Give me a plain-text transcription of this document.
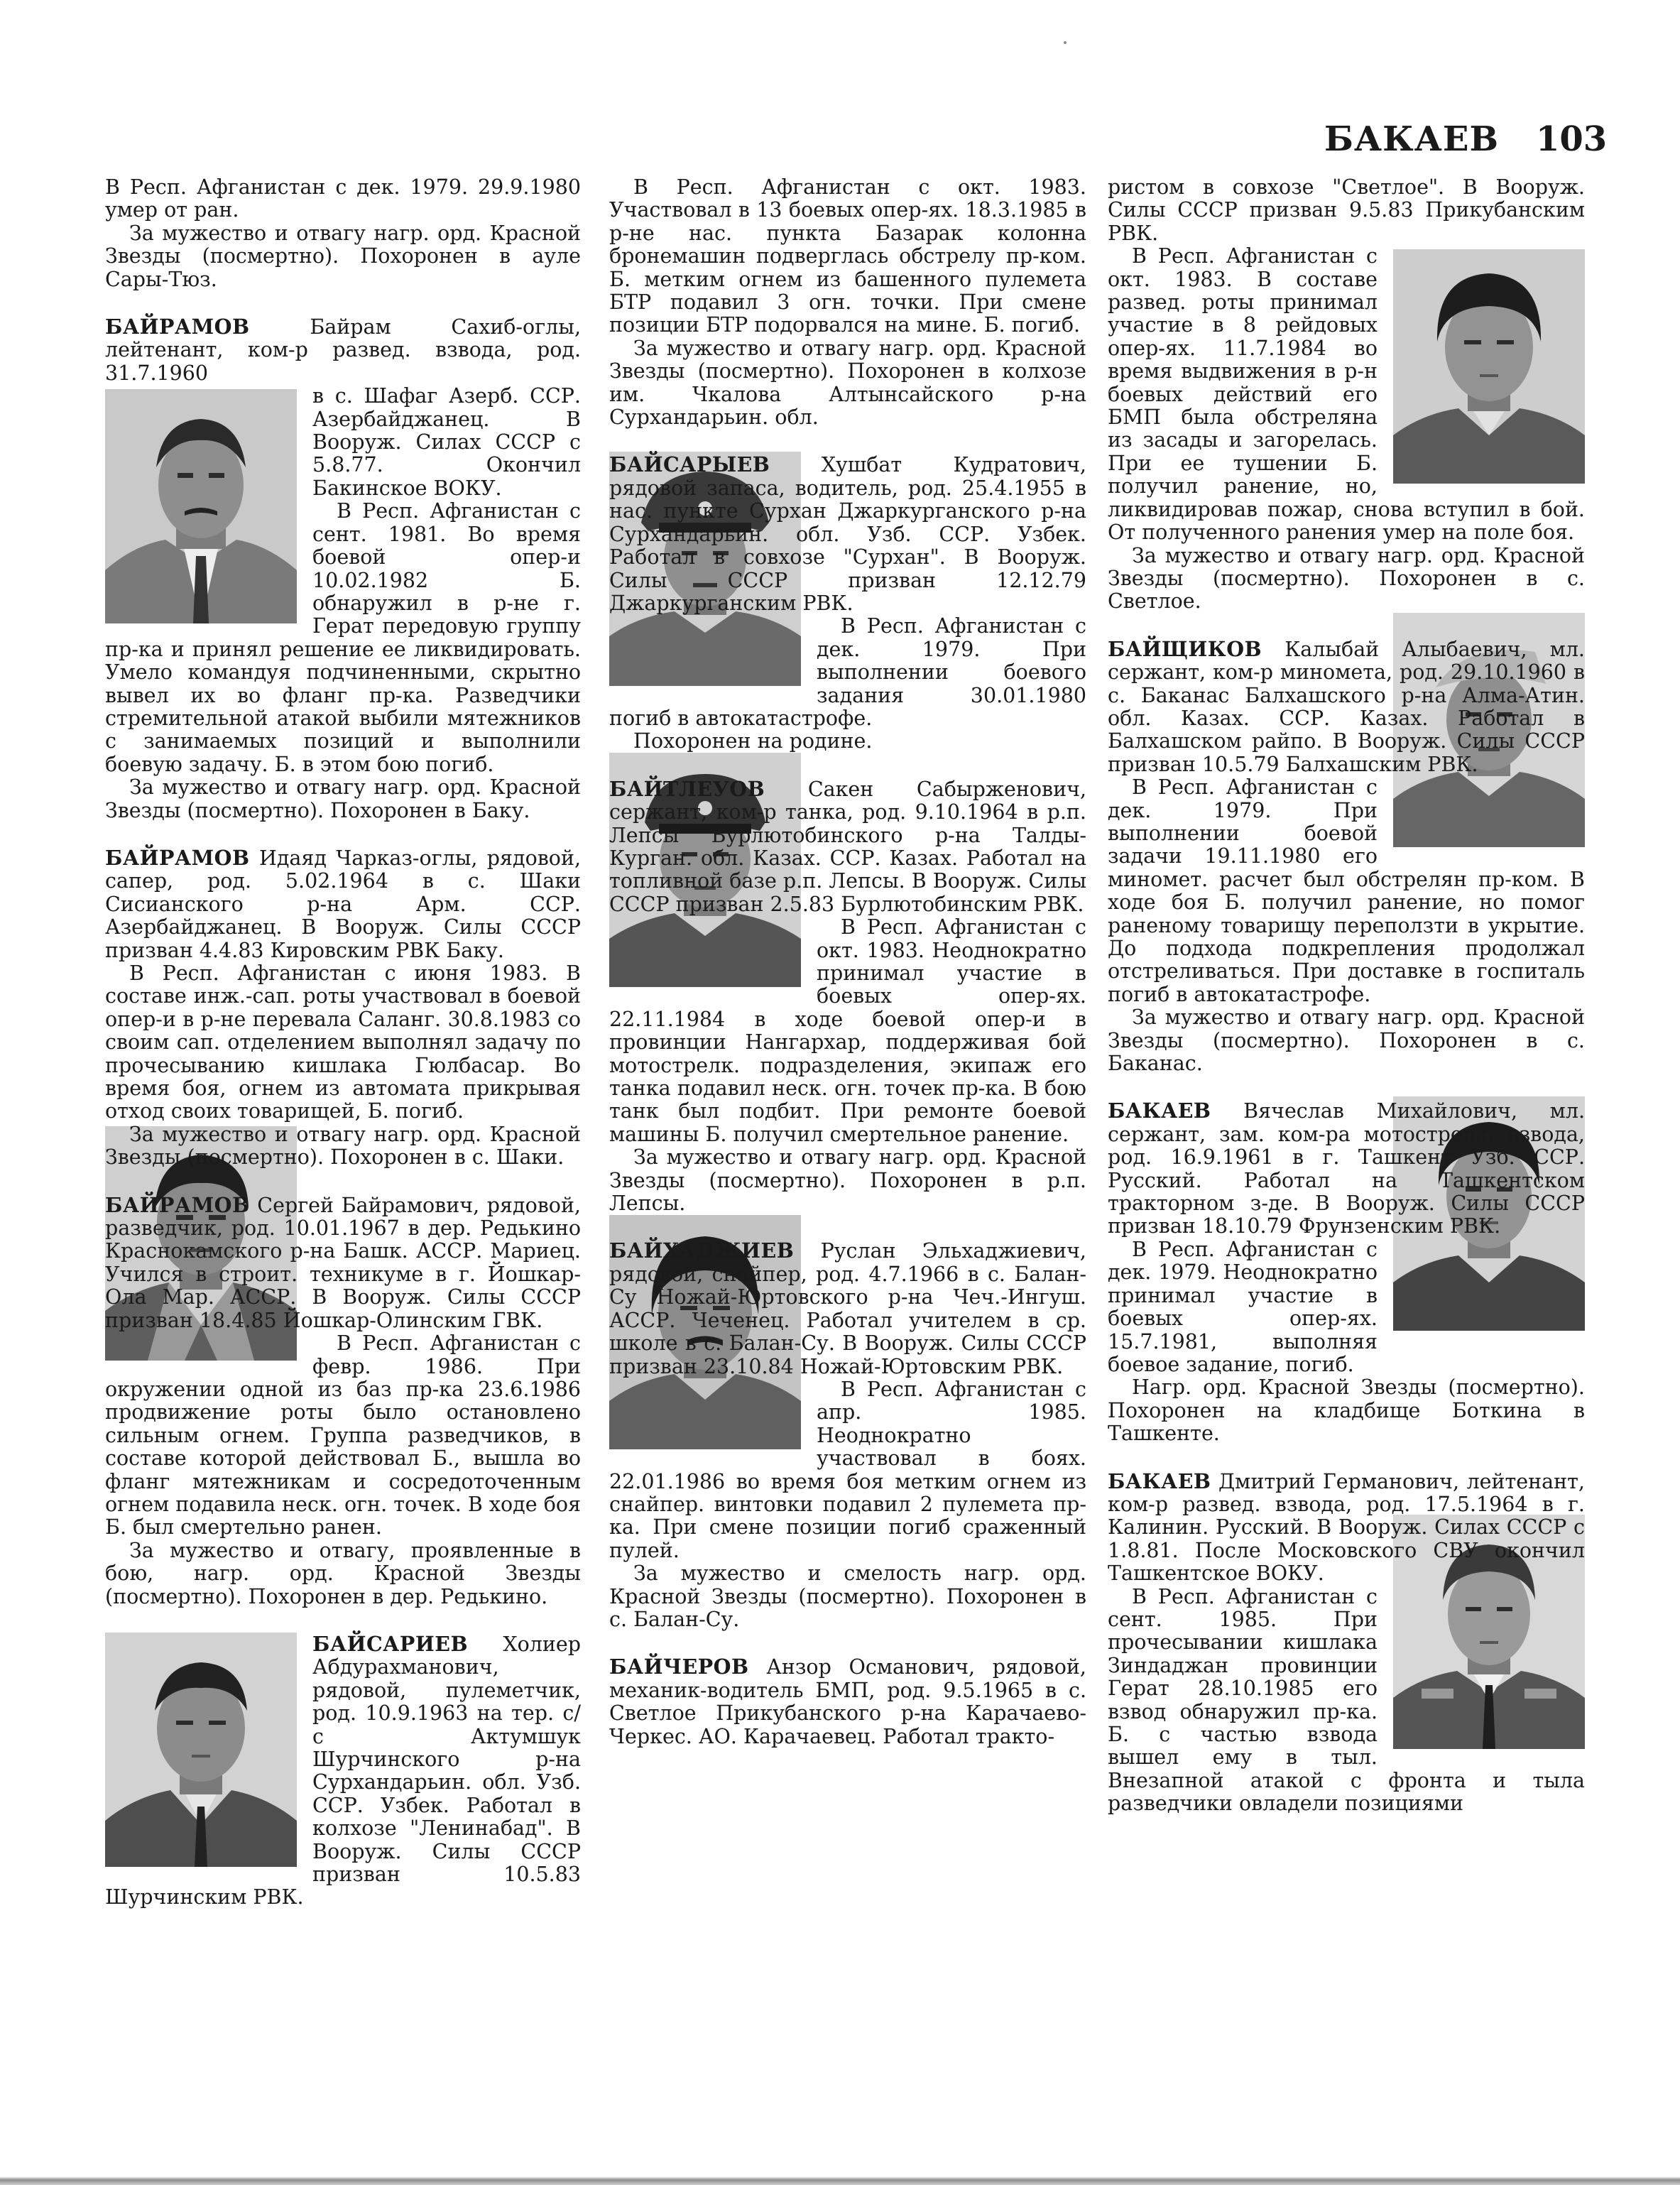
БАКАЕВ 103

В Респ. Афганистан с дек. 1979. 29.9.1980 умер от ран.

За мужество и отвагу нагр. орд. Красной Звезды (посмертно). Похоронен в ауле Сары-Тюз.

БАЙРАМОВ Байрам Сахиб-оглы, лейтенант, ком-р развед. взвода, род. 31.7.1960

в с. Шафаг Азерб. ССР. Азербайджанец. В Вооруж. Силах СССР с 5.8.77. Окончил Бакинское ВОКУ.

В Респ. Афганистан с сент. 1981. Во время боевой опер-и 10.02.1982 Б. обнаружил в р-не г. Герат передовую группу пр-ка и принял решение ее ликвидировать. Умело командуя подчиненными, скрытно вывел их во фланг пр-ка. Разведчики стремительной атакой выбили мятежников с занимаемых позиций и выполнили боевую задачу. Б. в этом бою погиб.

За мужество и отвагу нагр. орд. Красной Звезды (посмертно). Похоронен в Баку.

БАЙРАМОВ Идаяд Чарказ-оглы, рядовой, сапер, род. 5.02.1964 в с. Шаки Сисианского р-на Арм. ССР. Азербайджанец. В Вооруж. Силы СССР призван 4.4.83 Кировским РВК Баку.

В Респ. Афганистан с июня 1983. В составе инж.-сап. роты участвовал в боевой опер-и в р-не перевала Саланг. 30.8.1983 со своим сап. отделением выполнял задачу по прочесыванию кишлака Гюлбасар. Во время боя, огнем из автомата прикрывая отход своих товарищей, Б. погиб.

За мужество и отвагу нагр. орд. Красной Звезды (посмертно). Похоронен в с. Шаки.

БАЙРАМОВ Сергей Байрамович, рядовой, разведчик, род. 10.01.1967 в дер. Редькино Краснокамского р-на Башк. АССР. Мариец. Учился в строит. техникуме в г. Йошкар-Ола Мар. АССР. В Вооруж. Силы СССР призван 18.4.85 Йошкар-Олинским ГВК.

В Респ. Афганистан с февр. 1986. При окружении одной из баз пр-ка 23.6.1986 продвижение роты было остановлено сильным огнем. Группа разведчиков, в составе которой действовал Б., вышла во фланг мятежникам и сосредоточенным огнем подавила неск. огн. точек. В ходе боя Б. был смертельно ранен.

За мужество и отвагу, проявленные в бою, нагр. орд. Красной Звезды (посмертно). Похоронен в дер. Редькино.

БАЙСАРИЕВ Холиер Абдурахманович, рядовой, пулеметчик, род. 10.9.1963 на тер. с/с Актумшук Шурчинского р-на Сурхандарьин. обл. Узб. ССР. Узбек. Работал в колхозе "Ленинабад". В Вооруж. Силы СССР призван 10.5.83 Шурчинским РВК.

В Респ. Афганистан с окт. 1983. Участвовал в 13 боевых опер-ях. 18.3.1985 в р-не нас. пункта Базарак колонна бронемашин подверглась обстрелу пр-ком. Б. метким огнем из башенного пулемета БТР подавил 3 огн. точки. При смене позиции БТР подорвался на мине. Б. погиб.

За мужество и отвагу нагр. орд. Красной Звезды (посмертно). Похоронен в колхозе им. Чкалова Алтынсайского р-на Сурхандарьин. обл.

БАЙСАРЫЕВ Хушбат Кудратович, рядовой запаса, водитель, род. 25.4.1955 в нас. пункте Сурхан Джаркурганского р-на Сурхандарьин. обл. Узб. ССР. Узбек. Работал в совхозе "Сурхан". В Вооруж. Силы СССР призван 12.12.79 Джаркурганским РВК.

В Респ. Афганистан с дек. 1979. При выполнении боевого задания 30.01.1980 погиб в автокатастрофе.

Похоронен на родине.

БАЙТЛЕУОВ Сакен Сабырженович, сержант, ком-р танка, род. 9.10.1964 в р.п. Лепсы Бурлютобинского р-на Талды-Курган. обл. Казах. ССР. Казах. Работал на топливной базе р.п. Лепсы. В Вооруж. Силы СССР призван 2.5.83 Бурлютобинским РВК.

В Респ. Афганистан с окт. 1983. Неоднократно принимал участие в боевых опер-ях. 22.11.1984 в ходе боевой опер-и в провинции Нангархар, поддерживая бой мотострелк. подразделения, экипаж его танка подавил неск. огн. точек пр-ка. В бою танк был подбит. При ремонте боевой машины Б. получил смертельное ранение.

За мужество и отвагу нагр. орд. Красной Звезды (посмертно). Похоронен в р.п. Лепсы.

БАЙХАДЖИЕВ Руслан Эльхаджиевич, рядовой, снайпер, род. 4.7.1966 в с. Балан-Су Ножай-Юртовского р-на Чеч.-Ингуш. АССР. Чеченец. Работал учителем в ср. школе в с. Балан-Су. В Вооруж. Силы СССР призван 23.10.84 Ножай-Юртовским РВК.

В Респ. Афганистан с апр. 1985. Неоднократно участвовал в боях. 22.01.1986 во время боя метким огнем из снайпер. винтовки подавил 2 пулемета пр-ка. При смене позиции погиб сраженный пулей.

За мужество и смелость нагр. орд. Красной Звезды (посмертно). Похоронен в с. Балан-Су.

БАЙЧЕРОВ Анзор Османович, рядовой, механик-водитель БМП, род. 9.5.1965 в с. Светлое Прикубанского р-на Карачаево-Черкес. АО. Карачаевец. Работал тракто-

ристом в совхозе "Светлое". В Вооруж. Силы СССР призван 9.5.83 Прикубанским РВК.

В Респ. Афганистан с окт. 1983. В составе развед. роты принимал участие в 8 рейдовых опер-ях. 11.7.1984 во время выдвижения в р-н боевых действий его БМП была обстреляна из засады и загорелась. При ее тушении Б. получил ранение, но, ликвидировав пожар, снова вступил в бой. От полученного ранения умер на поле боя.

За мужество и отвагу нагр. орд. Красной Звезды (посмертно). Похоронен в с. Светлое.

БАЙЩИКОВ Калыбай Алыбаевич, мл. сержант, ком-р миномета, род. 29.10.1960 в с. Баканас Балхашского р-на Алма-Атин. обл. Казах. ССР. Казах. Работал в Балхашском райпо. В Вооруж. Силы СССР призван 10.5.79 Балхашским РВК.

В Респ. Афганистан с дек. 1979. При выполнении боевой задачи 19.11.1980 его миномет. расчет был обстрелян пр-ком. В ходе боя Б. получил ранение, но помог раненому товарищу переползти в укрытие. До подхода подкрепления продолжал отстреливаться. При доставке в госпиталь погиб в автокатастрофе.

За мужество и отвагу нагр. орд. Красной Звезды (посмертно). Похоронен в с. Баканас.

БАКАЕВ Вячеслав Михайлович, мл. сержант, зам. ком-ра мотострелк. взвода, род. 16.9.1961 в г. Ташкент Узб. ССР. Русский. Работал на Ташкентском тракторном з-де. В Вооруж. Силы СССР призван 18.10.79 Фрунзенским РВК.

В Респ. Афганистан с дек. 1979. Неоднократно принимал участие в боевых опер-ях. 15.7.1981, выполняя боевое задание, погиб.

Нагр. орд. Красной Звезды (посмертно). Похоронен на кладбище Боткина в Ташкенте.

БАКАЕВ Дмитрий Германович, лейтенант, ком-р развед. взвода, род. 17.5.1964 в г. Калинин. Русский. В Вооруж. Силах СССР с 1.8.81. После Московского СВУ окончил Ташкентское ВОКУ.

В Респ. Афганистан с сент. 1985. При прочесывании кишлака Зиндаджан провинции Герат 28.10.1985 его взвод обнаружил пр-ка. Б. с частью взвода вышел ему в тыл. Внезапной атакой с фронта и тыла разведчики овладели позициями
